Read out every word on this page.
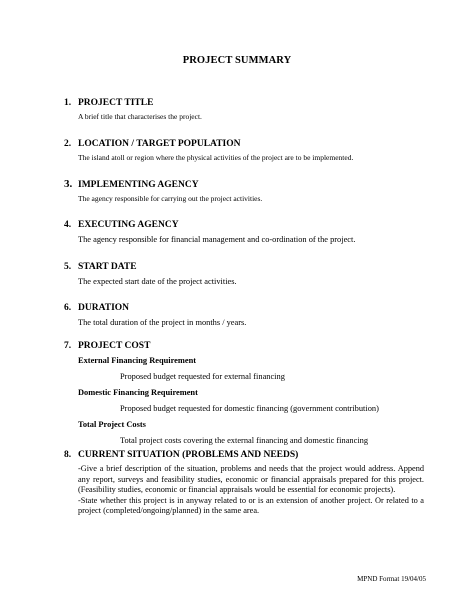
PROJECT SUMMARY
1. PROJECT TITLE
A brief title that characterises the project.
2. LOCATION / TARGET POPULATION
The island atoll or region where the physical activities of the project are to be implemented.
3. IMPLEMENTING AGENCY
The agency responsible for carrying out the project activities.
4. EXECUTING AGENCY
The agency responsible for financial management and co-ordination of the project.
5. START DATE
The expected start date of the project activities.
6. DURATION
The total duration of the project in months / years.
7. PROJECT COST
External Financing Requirement
Proposed budget requested for external financing
Domestic Financing Requirement
Proposed budget requested for domestic financing (government contribution)
Total Project Costs
Total project costs covering the external financing and domestic financing
8. CURRENT SITUATION (PROBLEMS AND NEEDS)
-Give a brief description of the situation, problems and needs that the project would address. Append any report, surveys and feasibility studies, economic or financial appraisals prepared for this project. (Feasibility studies, economic or financial appraisals would be essential for economic projects).
-State whether this project is in anyway related to or is an extension of another project. Or related to a project (completed/ongoing/planned) in the same area.
MPND Format 19/04/05
